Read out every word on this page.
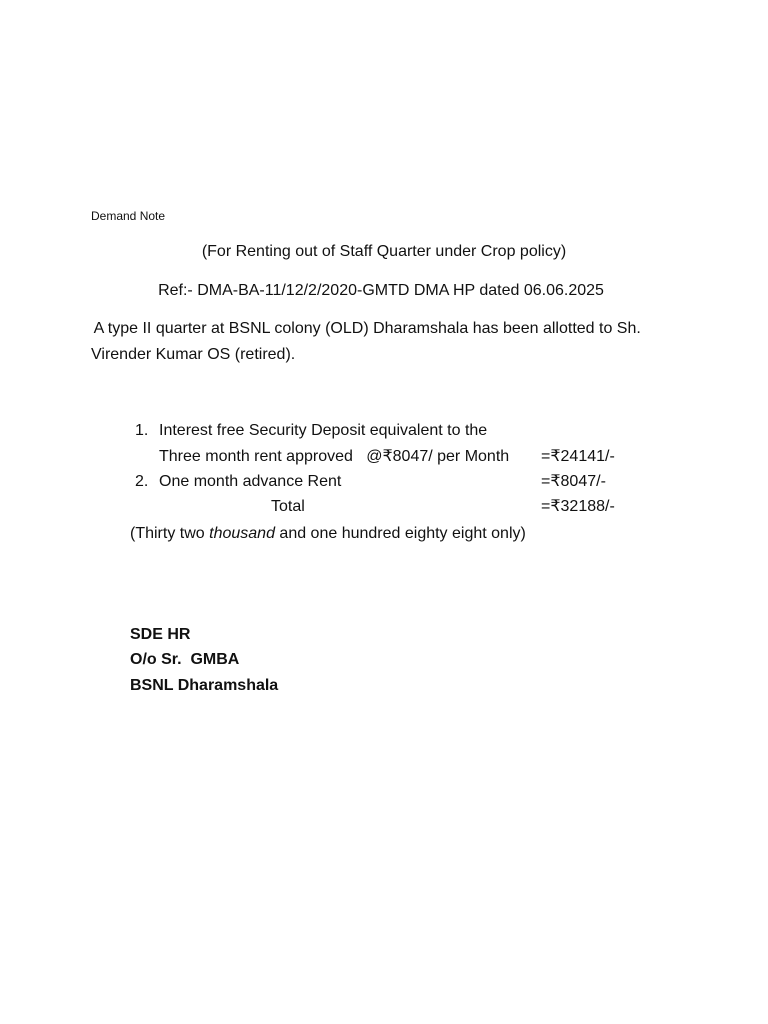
Demand Note
(For Renting out of Staff Quarter under Crop policy)
Ref:- DMA-BA-11/12/2/2020-GMTD DMA HP dated 06.06.2025
A type II quarter at BSNL colony (OLD) Dharamshala has been allotted to Sh.
Virender Kumar OS (retired).
1. Interest free Security Deposit equivalent to the
Three month rent approved   @₹8047/ per Month =₹24141/-
2. One month advance Rent	=₹8047/-
Total	=₹32188/-
(Thirty two thousand and one hundred eighty eight only)
SDE HR
O/o Sr.  GMBA
BSNL Dharamshala
